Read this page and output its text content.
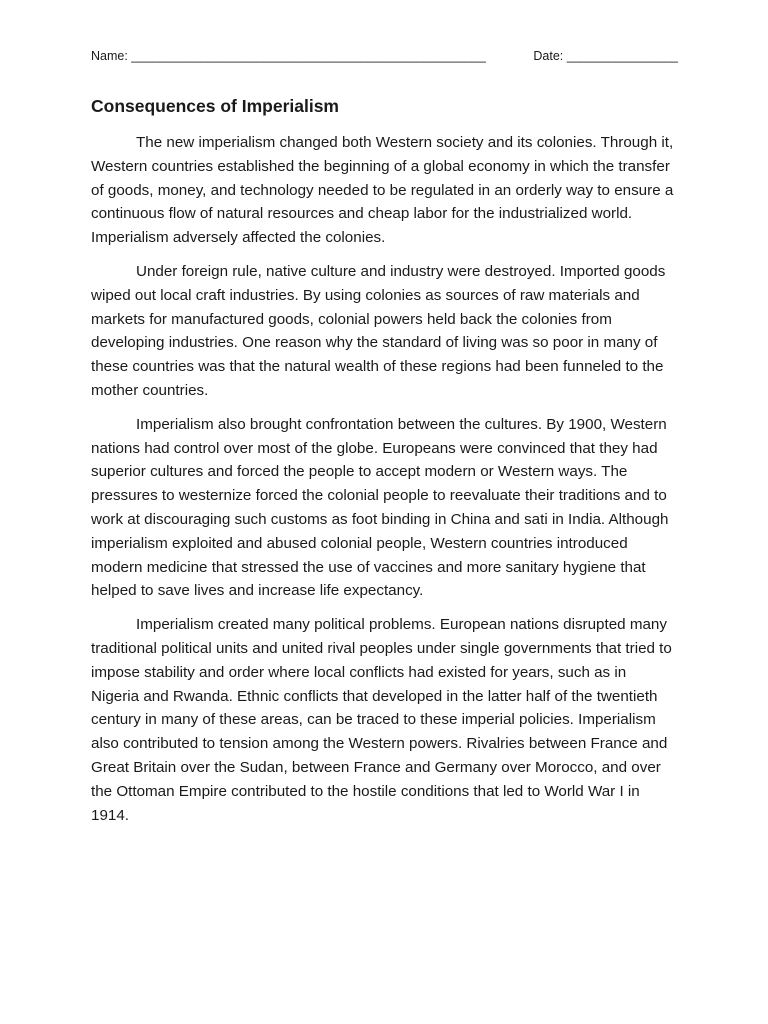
Name: ___________________________________________________	Date: ________________
Consequences of Imperialism

The new imperialism changed both Western society and its colonies. Through it, Western countries established the beginning of a global economy in which the transfer of goods, money, and technology needed to be regulated in an orderly way to ensure a continuous flow of natural resources and cheap labor for the industrialized world. Imperialism adversely affected the colonies.

Under foreign rule, native culture and industry were destroyed. Imported goods wiped out local craft industries. By using colonies as sources of raw materials and markets for manufactured goods, colonial powers held back the colonies from developing industries. One reason why the standard of living was so poor in many of these countries was that the natural wealth of these regions had been funneled to the mother countries.

Imperialism also brought confrontation between the cultures. By 1900, Western nations had control over most of the globe. Europeans were convinced that they had superior cultures and forced the people to accept modern or Western ways. The pressures to westernize forced the colonial people to reevaluate their traditions and to work at discouraging such customs as foot binding in China and sati in India. Although imperialism exploited and abused colonial people, Western countries introduced modern medicine that stressed the use of vaccines and more sanitary hygiene that helped to save lives and increase life expectancy.

Imperialism created many political problems. European nations disrupted many traditional political units and united rival peoples under single governments that tried to impose stability and order where local conflicts had existed for years, such as in Nigeria and Rwanda. Ethnic conflicts that developed in the latter half of the twentieth century in many of these areas, can be traced to these imperial policies. Imperialism also contributed to tension among the Western powers. Rivalries between France and Great Britain over the Sudan, between France and Germany over Morocco, and over the Ottoman Empire contributed to the hostile conditions that led to World War I in 1914.
